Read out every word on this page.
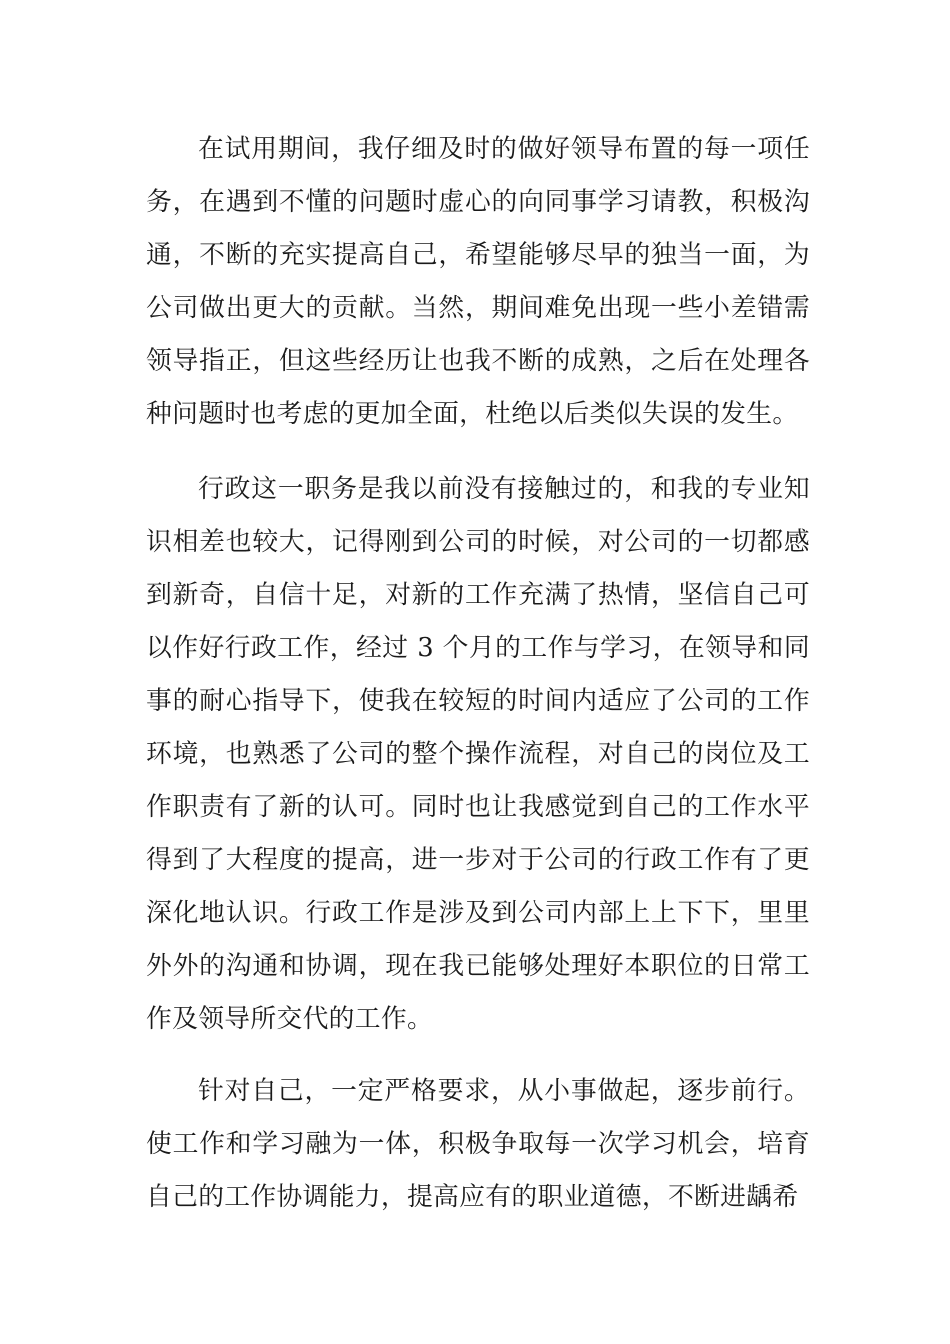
在试用期间，我仔细及时的做好领导布置的每一项任务，在遇到不懂的问题时虚心的向同事学习请教，积极沟通，不断的充实提高自己，希望能够尽早的独当一面，为公司做出更大的贡献。当然，期间难免出现一些小差错需领导指正，但这些经历让也我不断的成熟，之后在处理各种问题时也考虑的更加全面，杜绝以后类似失误的发生。

行政这一职务是我以前没有接触过的，和我的专业知识相差也较大，记得刚到公司的时候，对公司的一切都感到新奇，自信十足，对新的工作充满了热情，坚信自己可以作好行政工作，经过 3 个月的工作与学习，在领导和同事的耐心指导下，使我在较短的时间内适应了公司的工作环境，也熟悉了公司的整个操作流程，对自己的岗位及工作职责有了新的认可。同时也让我感觉到自己的工作水平得到了大程度的提高，进一步对于公司的行政工作有了更深化地认识。行政工作是涉及到公司内部上上下下，里里外外的沟通和协调，现在我已能够处理好本职位的日常工作及领导所交代的工作。

针对自己，一定严格要求，从小事做起，逐步前行。使工作和学习融为一体，积极争取每一次学习机会，培育自己的工作协调能力，提高应有的职业道德，不断进龋希
